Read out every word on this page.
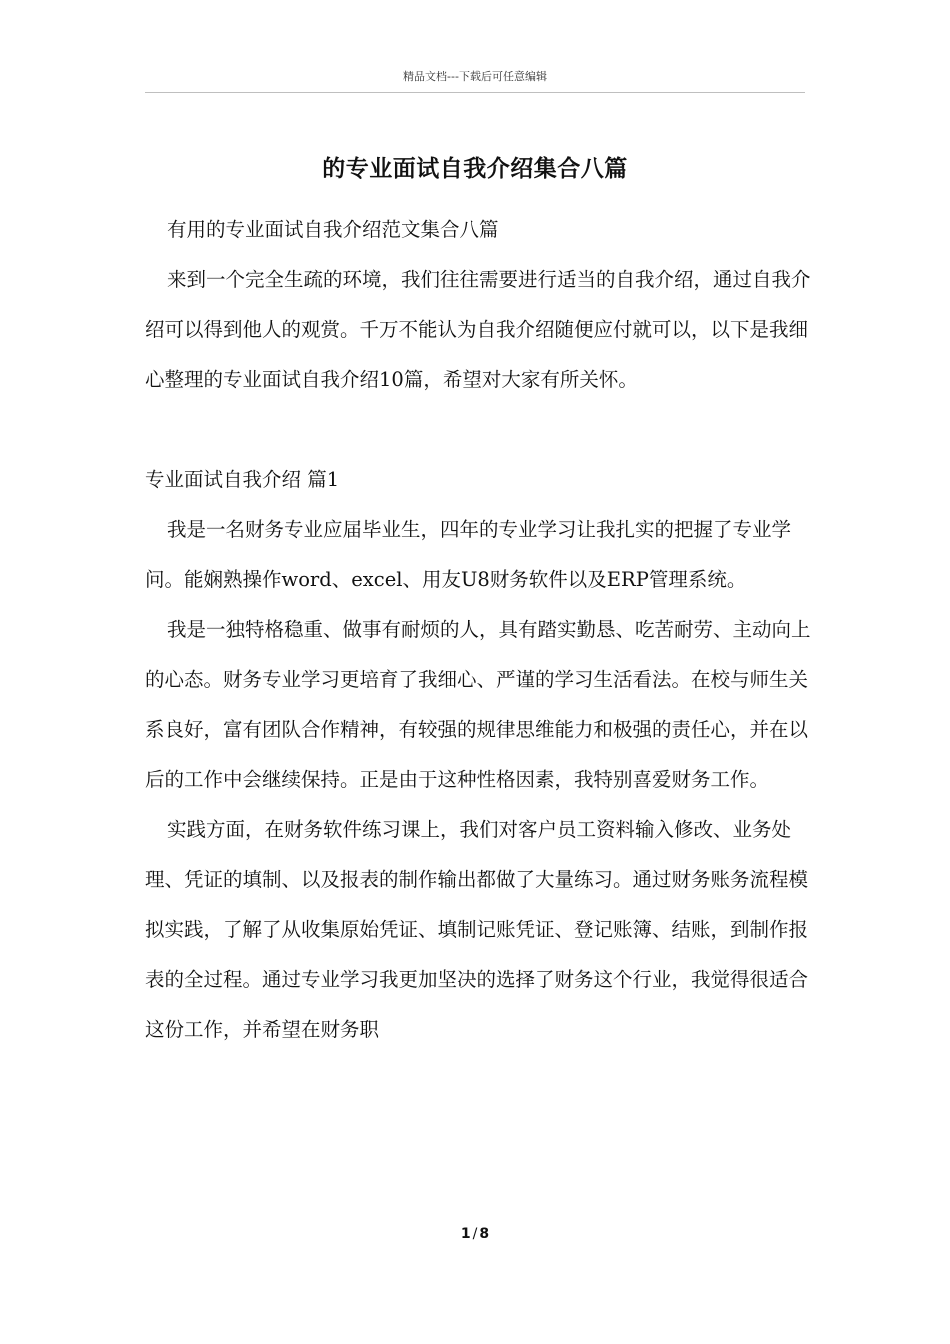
精品文档---下载后可任意编辑
的专业面试自我介绍集合八篇

有用的专业面试自我介绍范文集合八篇

来到一个完全生疏的环境，我们往往需要进行适当的自我介绍，通过自我介绍可以得到他人的观赏。千万不能认为自我介绍随便应付就可以，以下是我细心整理的专业面试自我介绍10篇，希望对大家有所关怀。

专业面试自我介绍 篇1

我是一名财务专业应届毕业生，四年的专业学习让我扎实的把握了专业学问。能娴熟操作word、excel、用友U8财务软件以及ERP管理系统。

我是一独特格稳重、做事有耐烦的人，具有踏实勤恳、吃苦耐劳、主动向上的心态。财务专业学习更培育了我细心、严谨的学习生活看法。在校与师生关系良好，富有团队合作精神，有较强的规律思维能力和极强的责任心，并在以后的工作中会继续保持。正是由于这种性格因素，我特别喜爱财务工作。

实践方面，在财务软件练习课上，我们对客户员工资料输入修改、业务处理、凭证的填制、以及报表的制作输出都做了大量练习。通过财务账务流程模拟实践，了解了从收集原始凭证、填制记账凭证、登记账簿、结账，到制作报表的全过程。通过专业学习我更加坚决的选择了财务这个行业，我觉得很适合这份工作，并希望在财务职

1 / 8
